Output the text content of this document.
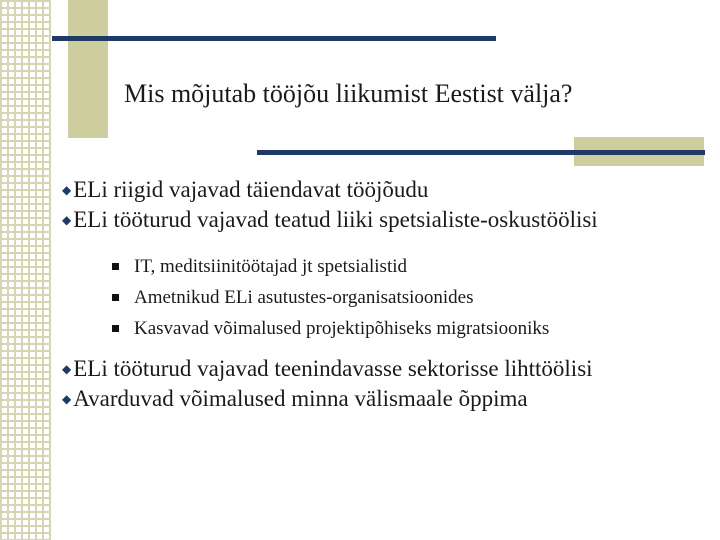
Mis mõjutab tööjõu liikumist Eestist välja?

◆ELi riigid vajavad täiendavat tööjõudu

◆ELi tööturud vajavad teatud liiki spetsialiste-oskustöölisi

IT, meditsiinitöötajad jt spetsialistid
Ametnikud ELi asutustes-organisatsioonides
Kasvavad võimalused projektipõhiseks migratsiooniks

◆ELi tööturud vajavad teenindavasse sektorisse lihttöölisi

◆Avarduvad võimalused minna välismaale õppima
